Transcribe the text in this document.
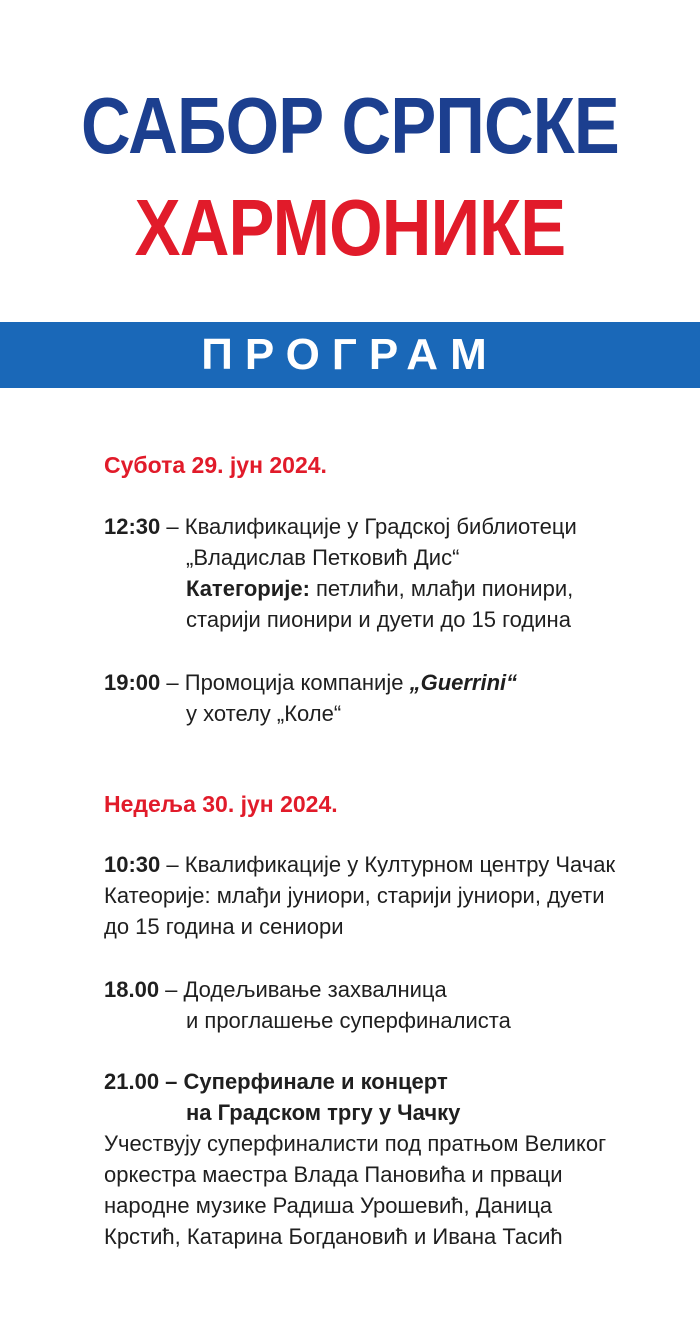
САБОР СРПСКЕ
ХАРМОНИКЕ
ПРОГРАМ
Субота 29. јун 2024.
12:30 – Квалификације у Градској библиотеци
„Владислав Петковић Дис“
Категорије: петлићи, млађи пионири,
старији пионири и дуети до 15 година
19:00 – Промоција компаније „Guerrini“
у хотелу „Коле“
Недеља 30. јун 2024.
10:30 – Квалификације у Културном центру Чачак
Катеорије: млађи јуниори, старији јуниори, дуети
до 15 година и сениори
18.00 – Додељивање захвалница
и проглашење суперфиналиста
21.00 – Суперфинале и концерт
на Градском тргу у Чачку
Учествују суперфиналисти под пратњом Великог
оркестра маестра Влада Пановића и прваци
народне музике Радиша Урошевић, Даница
Крстић, Катарина Богдановић и Ивана Тасић
